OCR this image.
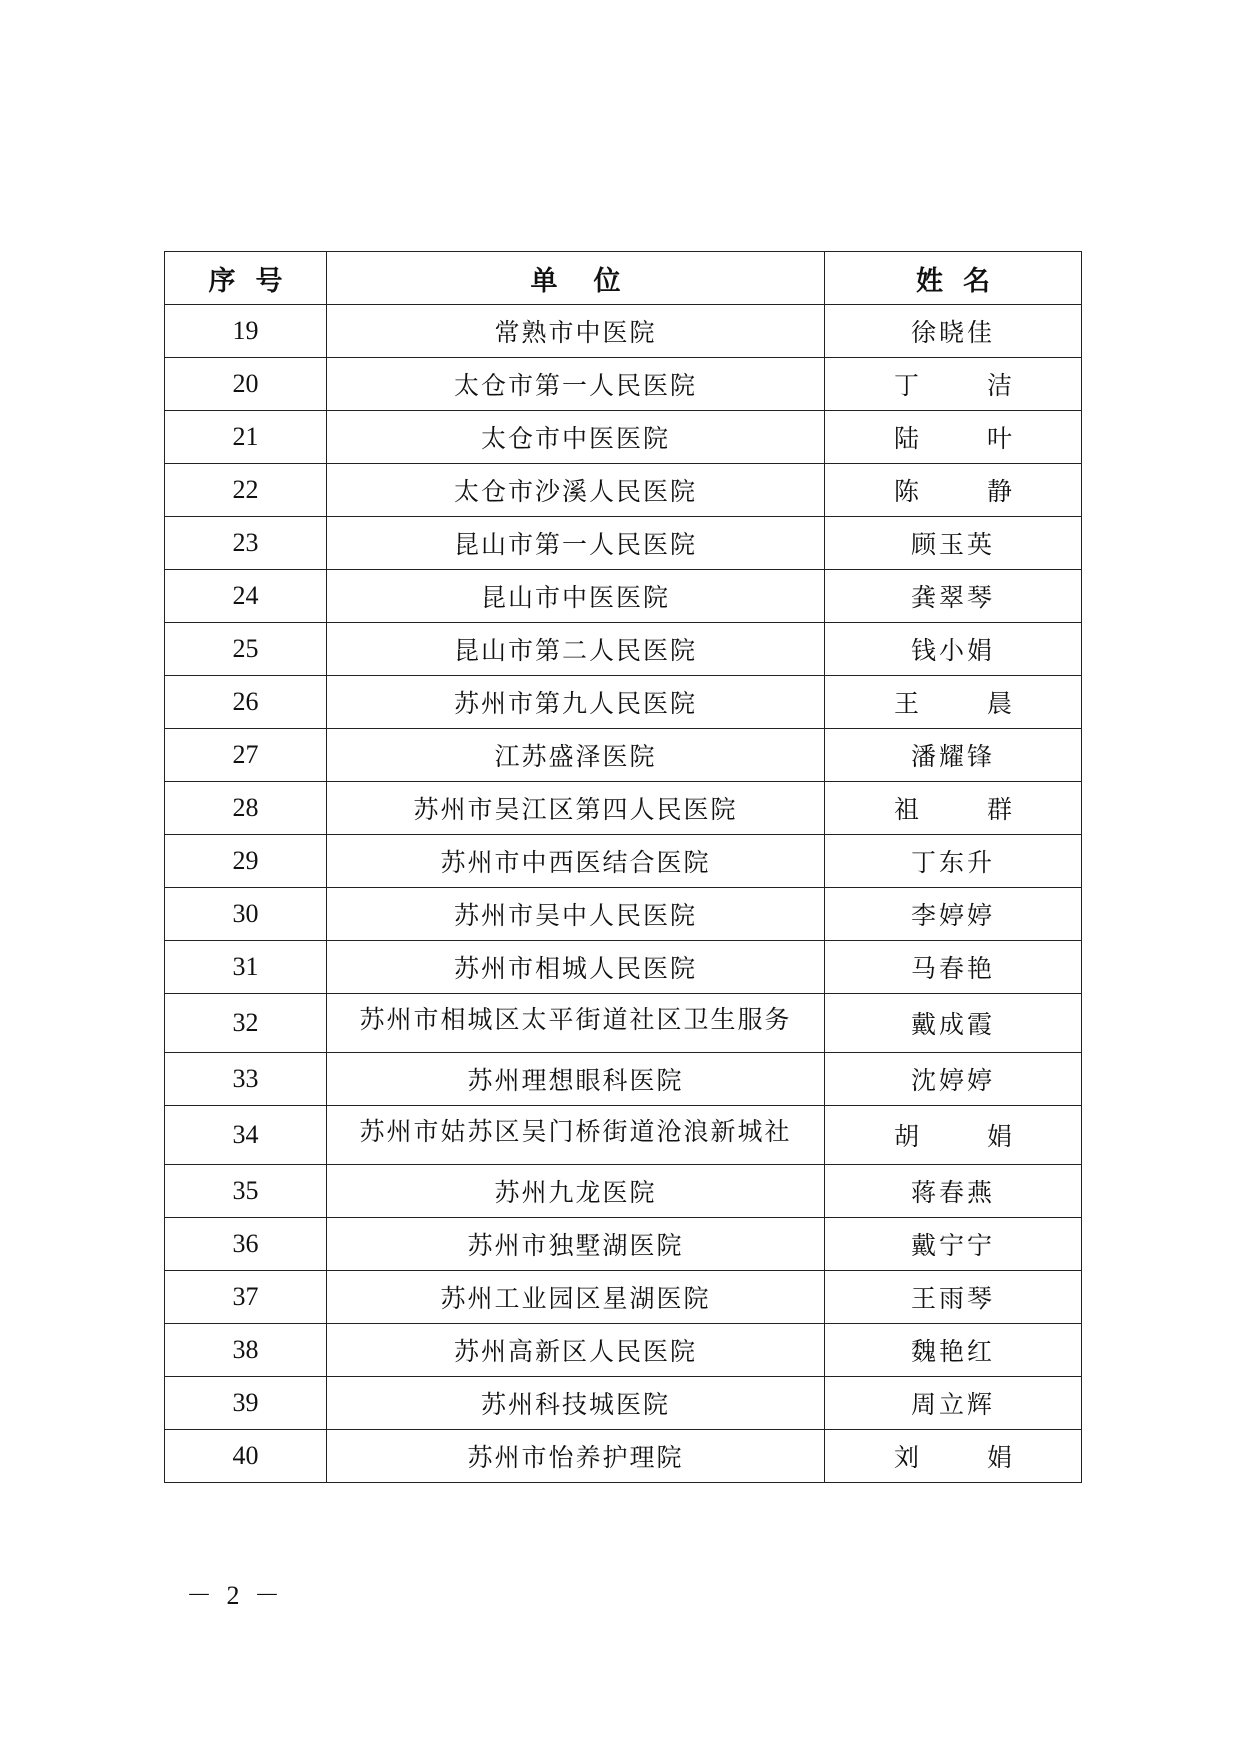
序号	单位	姓名
19	常熟市中医院	徐晓佳
20	太仓市第一人民医院	丁 洁
21	太仓市中医医院	陆 叶
22	太仓市沙溪人民医院	陈 静
23	昆山市第一人民医院	顾玉英
24	昆山市中医医院	龚翠琴
25	昆山市第二人民医院	钱小娟
26	苏州市第九人民医院	王 晨
27	江苏盛泽医院	潘耀锋
28	苏州市吴江区第四人民医院	祖 群
29	苏州市中西医结合医院	丁东升
30	苏州市吴中人民医院	李婷婷
31	苏州市相城人民医院	马春艳
32	苏州市相城区太平街道社区卫生服务	戴成霞
33	苏州理想眼科医院	沈婷婷
34	苏州市姑苏区吴门桥街道沧浪新城社	胡 娟
35	苏州九龙医院	蒋春燕
36	苏州市独墅湖医院	戴宁宁
37	苏州工业园区星湖医院	王雨琴
38	苏州高新区人民医院	魏艳红
39	苏州科技城医院	周立辉
40	苏州市怡养护理院	刘 娟
－ 2 －
